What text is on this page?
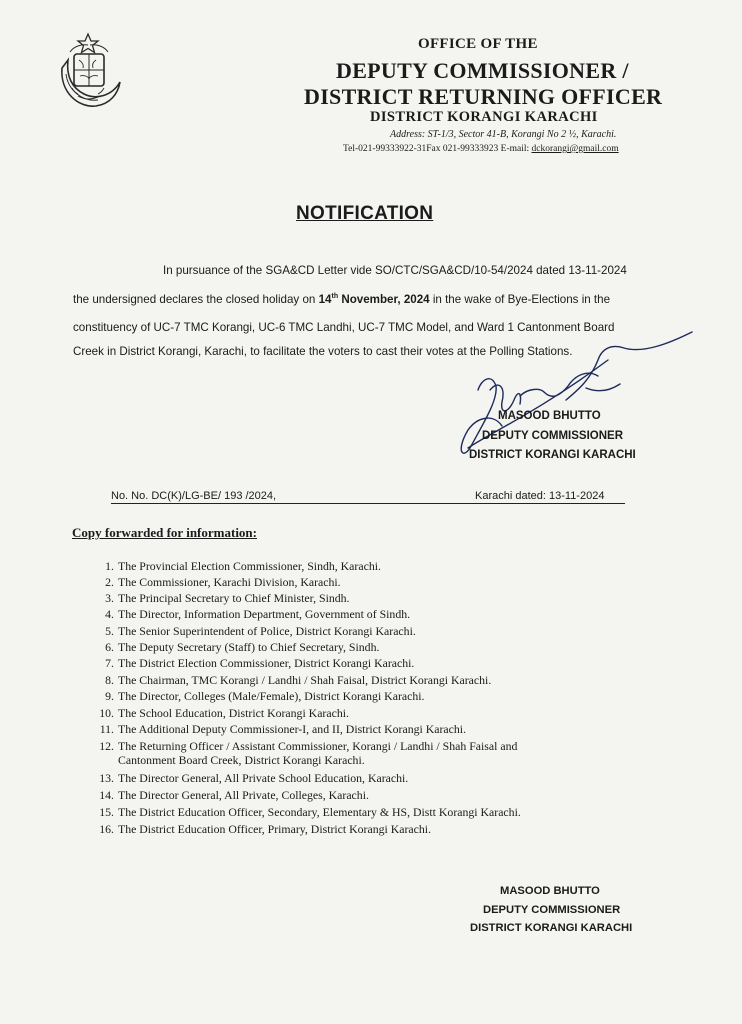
OFFICE OF THE
DEPUTY COMMISSIONER /
DISTRICT RETURNING OFFICER
DISTRICT KORANGI KARACHI
Address: ST-1/3, Sector 41-B, Korangi No 2 ½, Karachi.
Tel-021-99333922-31Fax 021-99333923 E-mail: dckorangi@gmail.com
NOTIFICATION
In pursuance of the SGA&CD Letter vide SO/CTC/SGA&CD/10-54/2024 dated 13-11-2024
the undersigned declares the closed holiday on 14th November, 2024 in the wake of Bye-Elections in the
constituency of UC-7 TMC Korangi, UC-6 TMC Landhi, UC-7 TMC Model, and Ward 1 Cantonment Board
Creek in District Korangi, Karachi, to facilitate the voters to cast their votes at the Polling Stations.
MASOOD BHUTTO
DEPUTY COMMISSIONER
DISTRICT KORANGI KARACHI
No. No. DC(K)/LG-BE/ 193 /2024,	Karachi dated: 13-11-2024
Copy forwarded for information:
1. The Provincial Election Commissioner, Sindh, Karachi.
2. The Commissioner, Karachi Division, Karachi.
3. The Principal Secretary to Chief Minister, Sindh.
4. The Director, Information Department, Government of Sindh.
5. The Senior Superintendent of Police, District Korangi Karachi.
6. The Deputy Secretary (Staff) to Chief Secretary, Sindh.
7. The District Election Commissioner, District Korangi Karachi.
8. The Chairman, TMC Korangi / Landhi / Shah Faisal, District Korangi Karachi.
9. The Director, Colleges (Male/Female), District Korangi Karachi.
10. The School Education, District Korangi Karachi.
11. The Additional Deputy Commissioner-I, and II, District Korangi Karachi.
12. The Returning Officer / Assistant Commissioner, Korangi / Landhi / Shah Faisal and
Cantonment Board Creek, District Korangi Karachi.
13. The Director General, All Private School Education, Karachi.
14. The Director General, All Private, Colleges, Karachi.
15. The District Education Officer, Secondary, Elementary & HS, Distt Korangi Karachi.
16. The District Education Officer, Primary, District Korangi Karachi.
MASOOD BHUTTO
DEPUTY COMMISSIONER
DISTRICT KORANGI KARACHI
